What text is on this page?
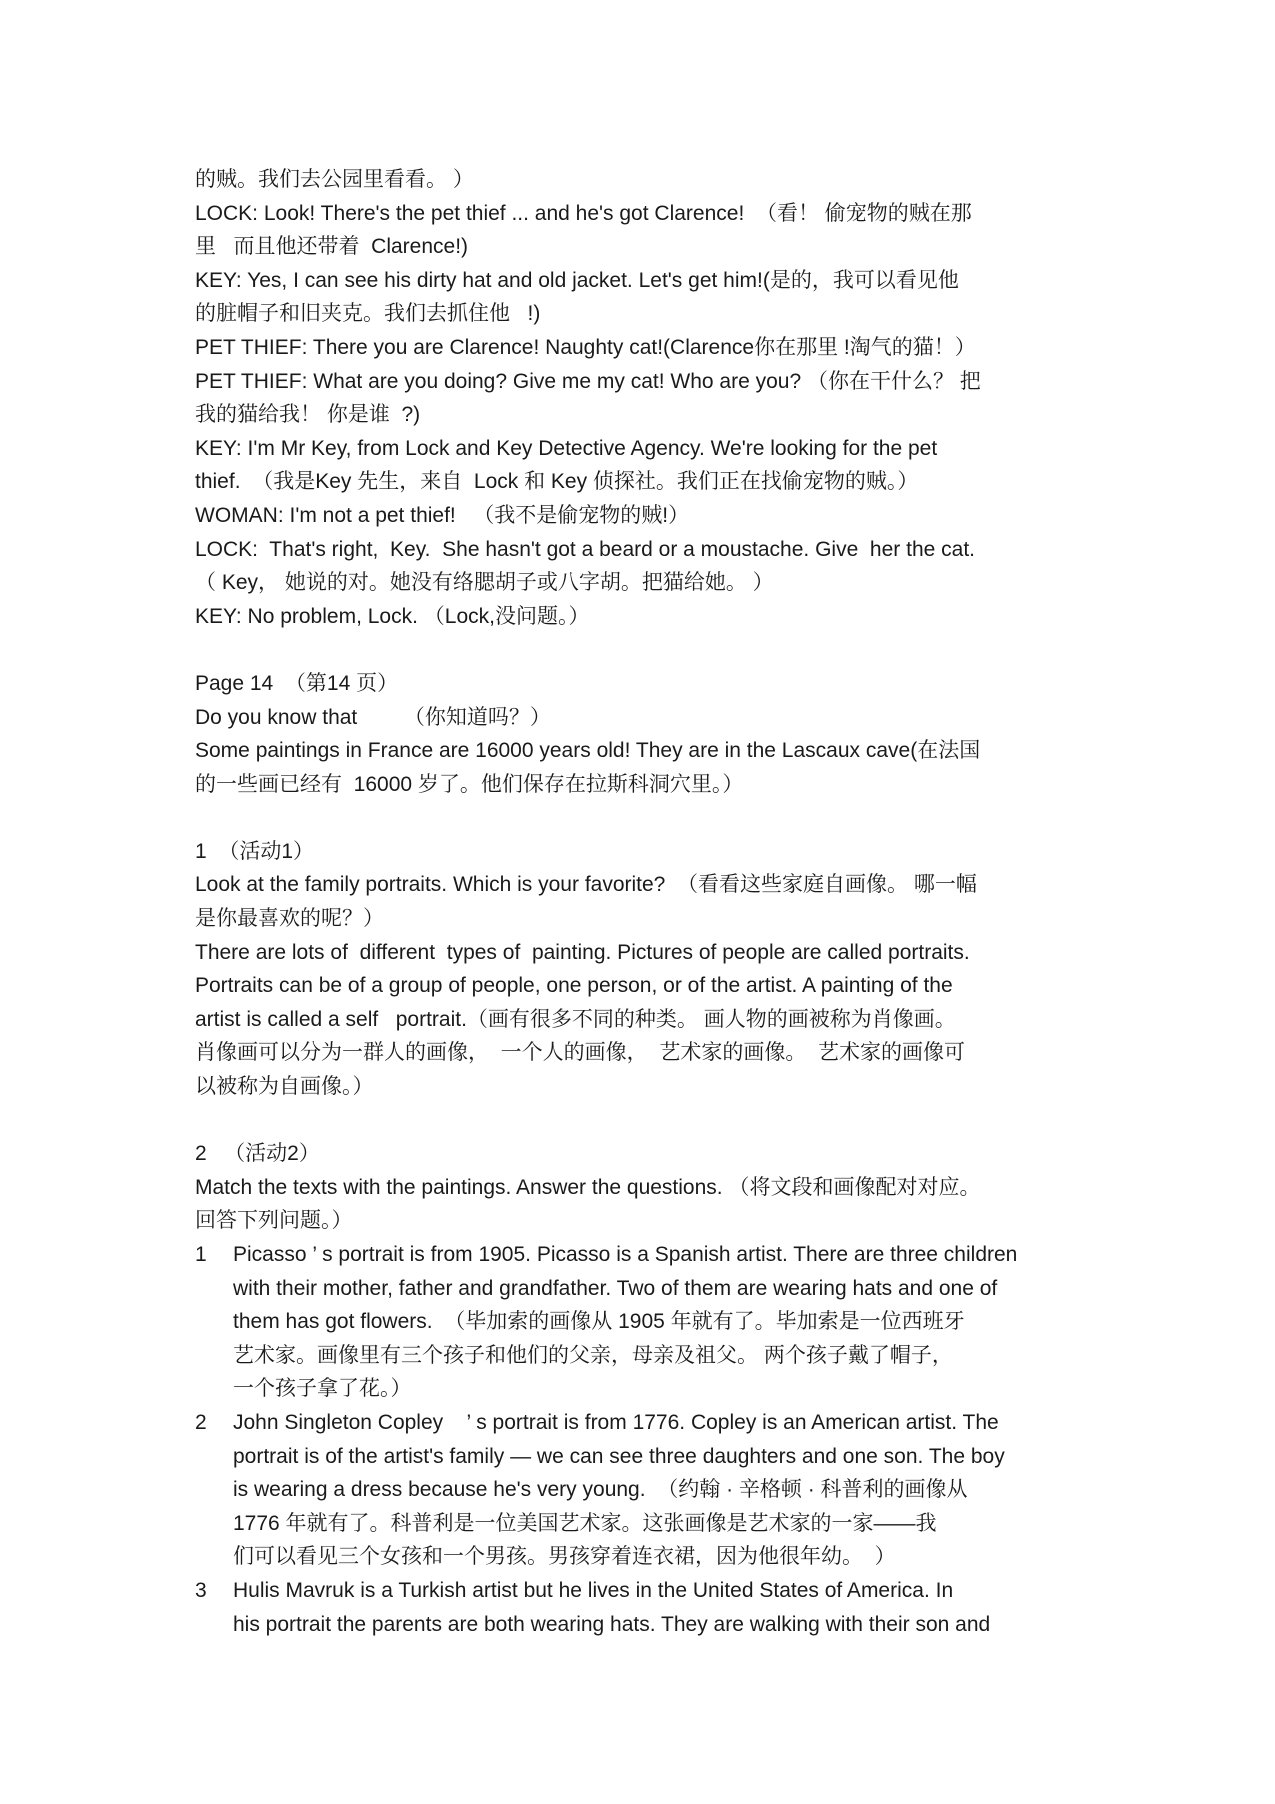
的贼。我们去公园里看看。 ）
LOCK: Look! There's the pet thief ... and he's got Clarence!  （看！ 偷宠物的贼在那
里   而且他还带着  Clarence!)
KEY: Yes, I can see his dirty hat and old jacket. Let's get him!(是的，我可以看见他
的脏帽子和旧夹克。我们去抓住他   !)
PET THIEF: There you are Clarence! Naughty cat!(Clarence你在那里 !淘气的猫！）
PET THIEF: What are you doing? Give me my cat! Who are you? （你在干什么？ 把
我的猫给我！ 你是谁  ?)
KEY: I'm Mr Key, from Lock and Key Detective Agency. We're looking for the pet
thief.  （我是Key 先生，来自  Lock 和 Key 侦探社。我们正在找偷宠物的贼。）
WOMAN: I'm not a pet thief!   （我不是偷宠物的贼!）
LOCK:  That's right,  Key.  She hasn't got a beard or a moustache. Give  her the cat.
（ Key， 她说的对。她没有络腮胡子或八字胡。把猫给她。 ）
KEY: No problem, Lock. （Lock,没问题。）
Page 14  （第14 页）
Do you know that        （你知道吗？）
Some paintings in France are 16000 years old! They are in the Lascaux cave(在法国
的一些画已经有  16000 岁了。他们保存在拉斯科洞穴里。）
1  （活动1）
Look at the family portraits. Which is your favorite?  （看看这些家庭自画像。 哪一幅
是你最喜欢的呢？）
There are lots of  different  types of  painting. Pictures of people are called portraits.
Portraits can be of a group of people, one person, or of the artist. A painting of the
artist is called a self   portrait.（画有很多不同的种类。 画人物的画被称为肖像画。
肖像画可以分为一群人的画像，  一个人的画像，  艺术家的画像。  艺术家的画像可
以被称为自画像。）
2   （活动2）
Match the texts with the paintings. Answer the questions. （将文段和画像配对对应。
回答下列问题。）
1	Picasso ’ s portrait is from 1905. Picasso is a Spanish artist. There are three children
with their mother, father and grandfather. Two of them are wearing hats and one of
them has got flowers.  （毕加索的画像从 1905 年就有了。毕加索是一位西班牙
艺术家。画像里有三个孩子和他们的父亲，母亲及祖父。 两个孩子戴了帽子，
一个孩子拿了花。）
2	John Singleton Copley    ’ s portrait is from 1776. Copley is an American artist. The
portrait is of the artist's family — we can see three daughters and one son. The boy
is wearing a dress because he's very young.  （约翰 · 辛格顿 · 科普利的画像从
1776 年就有了。科普利是一位美国艺术家。这张画像是艺术家的一家——我
们可以看见三个女孩和一个男孩。男孩穿着连衣裙，因为他很年幼。  ）
3	Hulis Mavruk is a Turkish artist but he lives in the United States of America. In
his portrait the parents are both wearing hats. They are walking with their son and
